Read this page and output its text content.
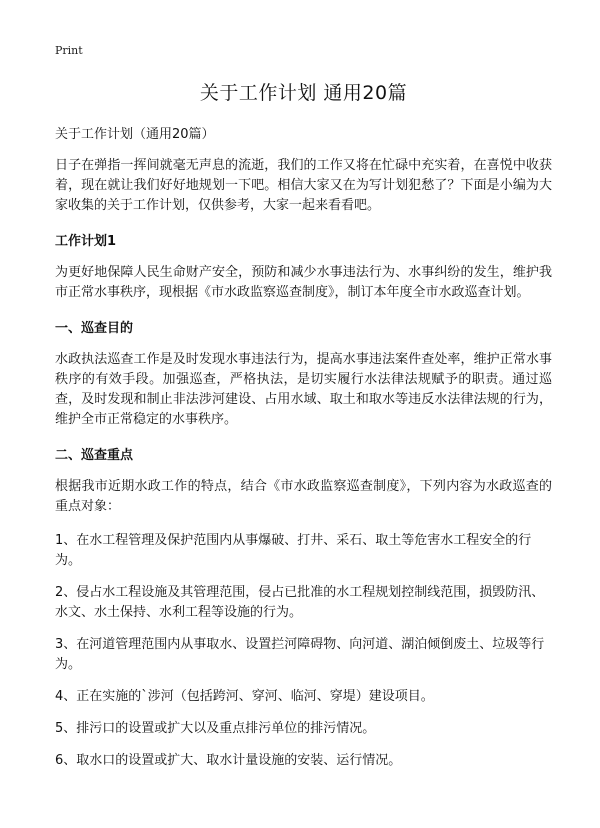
Print
关于工作计划 通用20篇
关于工作计划（通用20篇）

日子在弹指一挥间就毫无声息的流逝，我们的工作又将在忙碌中充实着，在喜悦中收获着，现在就让我们好好地规划一下吧。相信大家又在为写计划犯愁了？下面是小编为大家收集的关于工作计划，仅供参考，大家一起来看看吧。

工作计划1

为更好地保障人民生命财产安全，预防和减少水事违法行为、水事纠纷的发生，维护我市正常水事秩序，现根据《市水政监察巡查制度》，制订本年度全市水政巡查计划。

一、巡查目的

水政执法巡查工作是及时发现水事违法行为，提高水事违法案件查处率，维护正常水事秩序的有效手段。加强巡查，严格执法，是切实履行水法律法规赋予的职责。通过巡查，及时发现和制止非法涉河建设、占用水域、取土和取水等违反水法律法规的行为，维护全市正常稳定的水事秩序。

二、巡查重点

根据我市近期水政工作的特点，结合《市水政监察巡查制度》，下列内容为水政巡查的重点对象：

1、在水工程管理及保护范围内从事爆破、打井、采石、取土等危害水工程安全的行为。
2、侵占水工程设施及其管理范围，侵占已批准的水工程规划控制线范围，损毁防汛、水文、水土保持、水利工程等设施的行为。
3、在河道管理范围内从事取水、设置拦河障碍物、向河道、湖泊倾倒废土、垃圾等行为。
4、正在实施的`涉河（包括跨河、穿河、临河、穿堤）建设项目。
5、排污口的设置或扩大以及重点排污单位的排污情况。
6、取水口的设置或扩大、取水计量设施的安装、运行情况。
